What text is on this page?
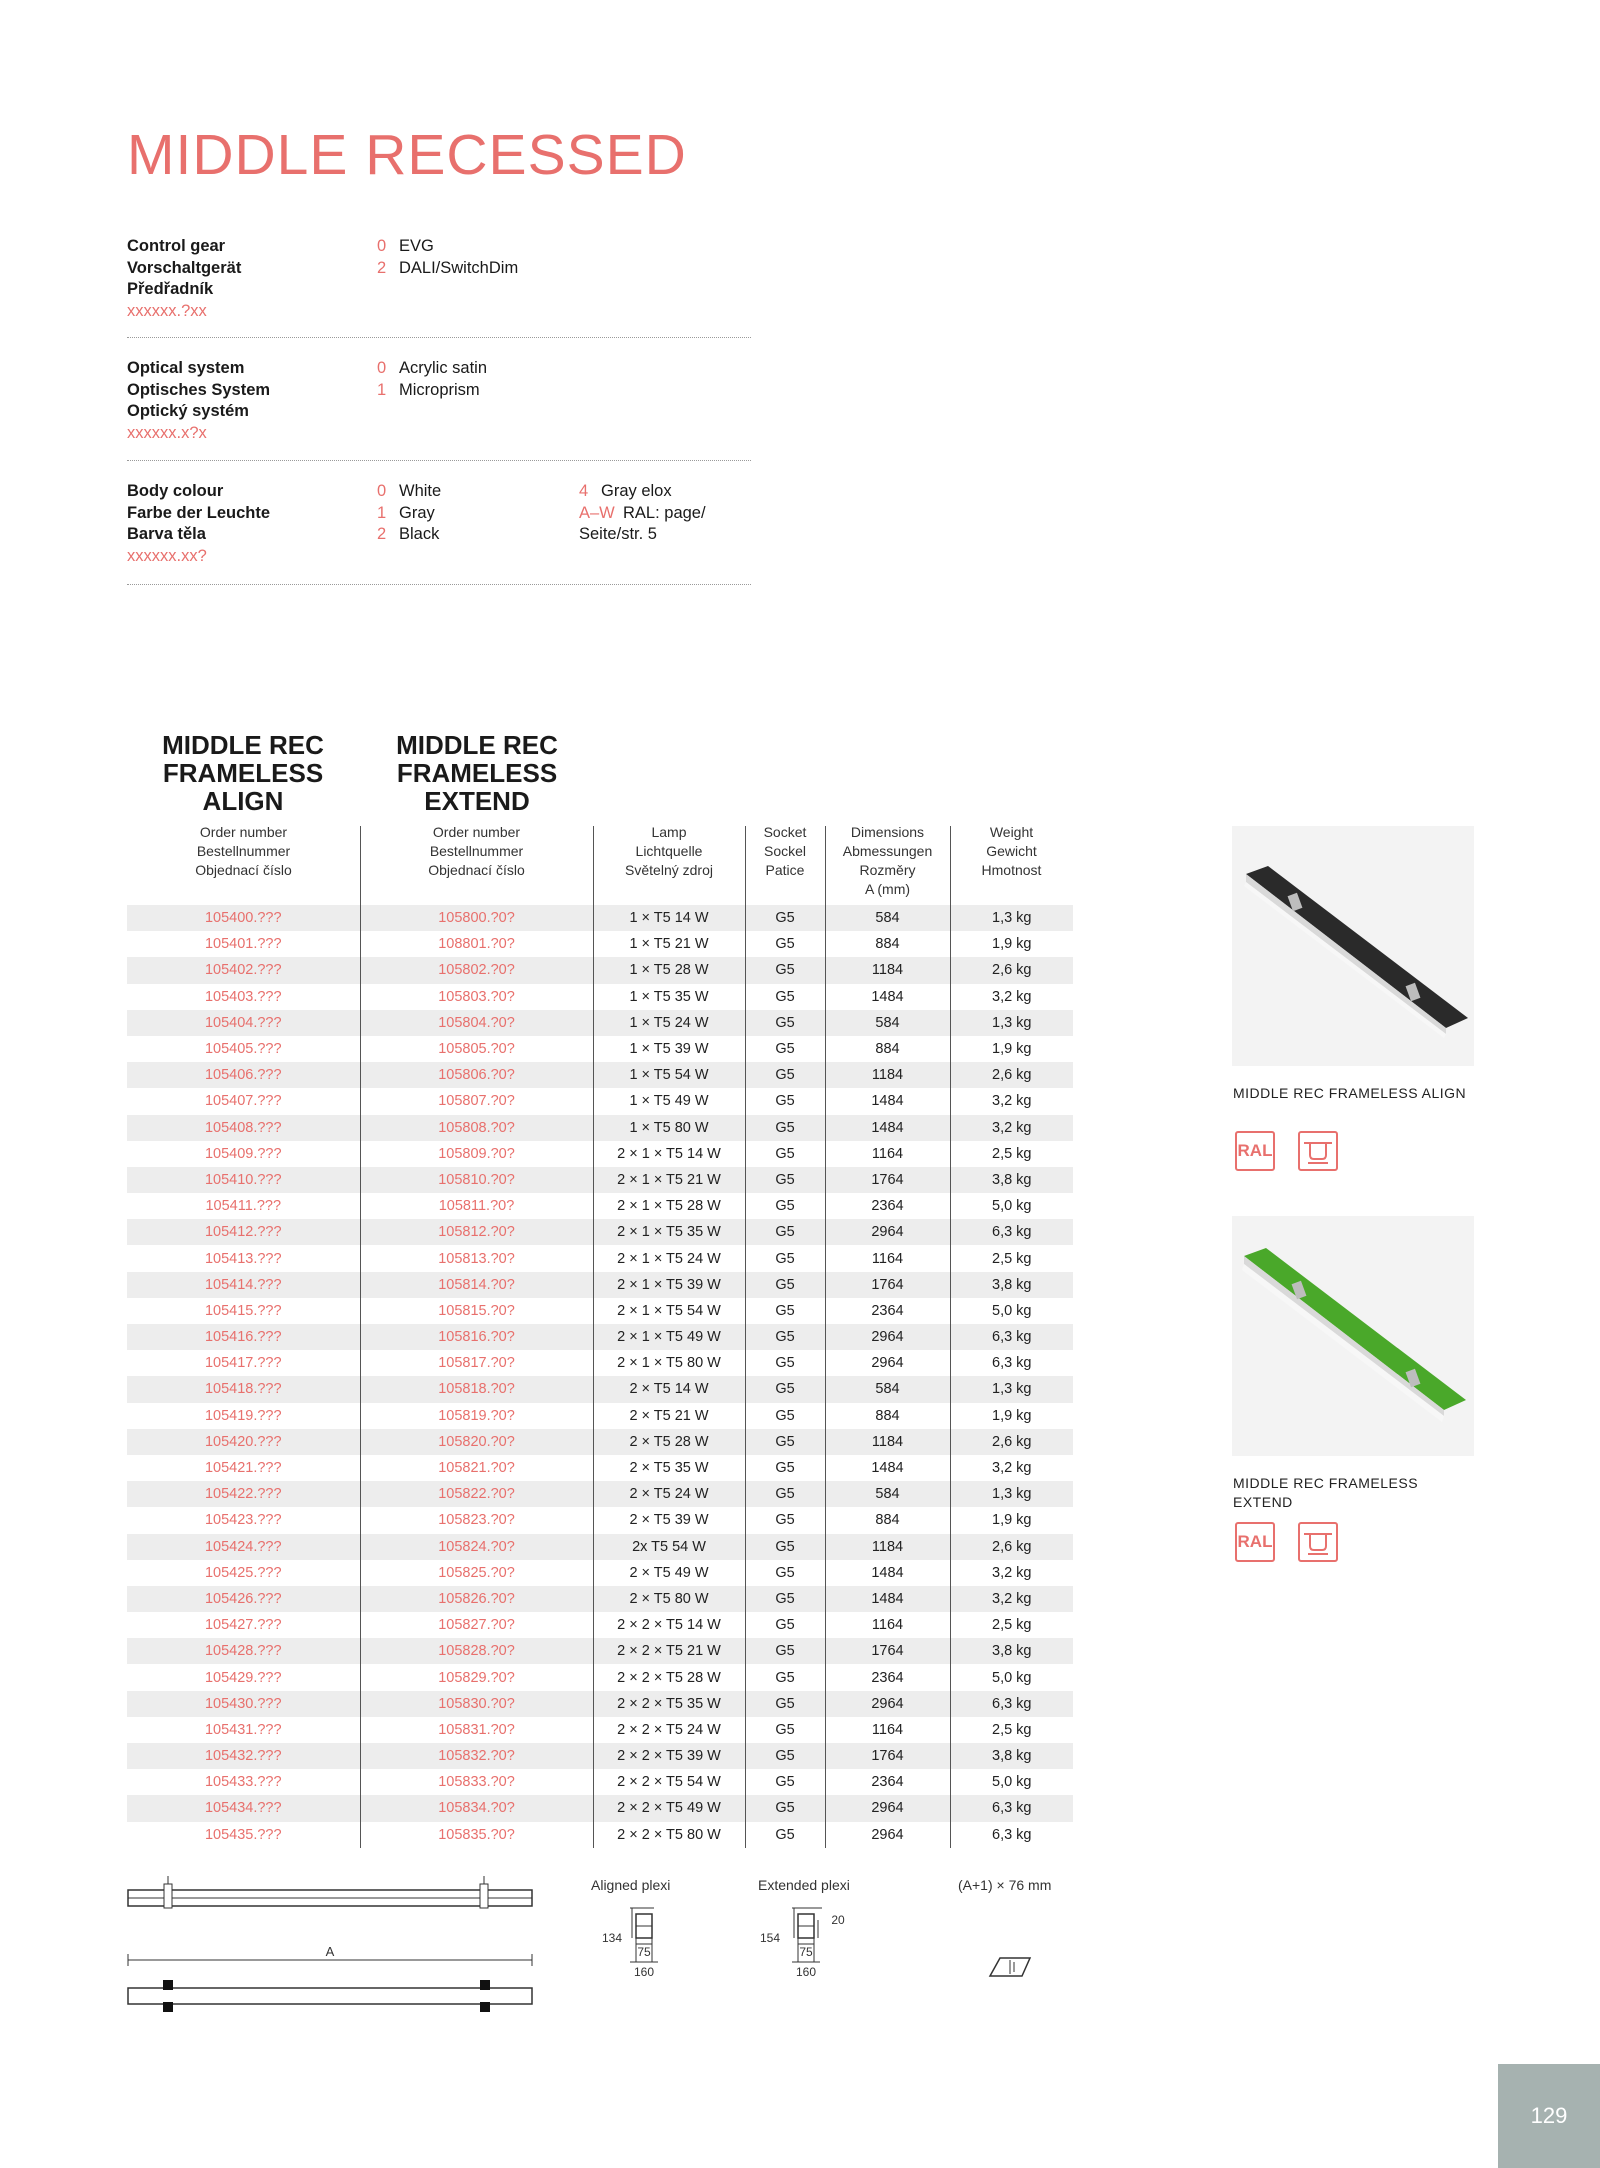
MIDDLE RECESSED
Control gear
Vorschaltgerät
Předřadník
xxxxxx.?xx
0 EVG
2 DALI/SwitchDim
Optical system
Optisches System
Optický systém
xxxxxx.x?x
0 Acrylic satin
1 Microprism
Body colour
Farbe der Leuchte
Barva těla
xxxxxx.xx?
0 White
1 Gray
2 Black
4 Gray elox
A–W RAL: page/
Seite/str. 5
MIDDLE REC
FRAMELESS
ALIGN
MIDDLE REC
FRAMELESS
EXTEND
Order number
Bestellnummer
Objednací číslo
Order number
Bestellnummer
Objednací číslo
Lamp
Lichtquelle
Světelný zdroj
Socket
Sockel
Patice
Dimensions
Abmessungen
Rozměry
A (mm)
Weight
Gewicht
Hmotnost
105400.???	105800.?0?	1 × T5 14 W	G5	584	1,3 kg
105401.???	108801.?0?	1 × T5 21 W	G5	884	1,9 kg
105402.???	105802.?0?	1 × T5 28 W	G5	1184	2,6 kg
105403.???	105803.?0?	1 × T5 35 W	G5	1484	3,2 kg
105404.???	105804.?0?	1 × T5 24 W	G5	584	1,3 kg
105405.???	105805.?0?	1 × T5 39 W	G5	884	1,9 kg
105406.???	105806.?0?	1 × T5 54 W	G5	1184	2,6 kg
105407.???	105807.?0?	1 × T5 49 W	G5	1484	3,2 kg
105408.???	105808.?0?	1 × T5 80 W	G5	1484	3,2 kg
105409.???	105809.?0?	2 × 1 × T5 14 W	G5	1164	2,5 kg
105410.???	105810.?0?	2 × 1 × T5 21 W	G5	1764	3,8 kg
105411.???	105811.?0?	2 × 1 × T5 28 W	G5	2364	5,0 kg
105412.???	105812.?0?	2 × 1 × T5 35 W	G5	2964	6,3 kg
105413.???	105813.?0?	2 × 1 × T5 24 W	G5	1164	2,5 kg
105414.???	105814.?0?	2 × 1 × T5 39 W	G5	1764	3,8 kg
105415.???	105815.?0?	2 × 1 × T5 54 W	G5	2364	5,0 kg
105416.???	105816.?0?	2 × 1 × T5 49 W	G5	2964	6,3 kg
105417.???	105817.?0?	2 × 1 × T5 80 W	G5	2964	6,3 kg
105418.???	105818.?0?	2 × T5 14 W	G5	584	1,3 kg
105419.???	105819.?0?	2 × T5 21 W	G5	884	1,9 kg
105420.???	105820.?0?	2 × T5 28 W	G5	1184	2,6 kg
105421.???	105821.?0?	2 × T5 35 W	G5	1484	3,2 kg
105422.???	105822.?0?	2 × T5 24 W	G5	584	1,3 kg
105423.???	105823.?0?	2 × T5 39 W	G5	884	1,9 kg
105424.???	105824.?0?	2x T5 54 W	G5	1184	2,6 kg
105425.???	105825.?0?	2 × T5 49 W	G5	1484	3,2 kg
105426.???	105826.?0?	2 × T5 80 W	G5	1484	3,2 kg
105427.???	105827.?0?	2 × 2 × T5 14 W	G5	1164	2,5 kg
105428.???	105828.?0?	2 × 2 × T5 21 W	G5	1764	3,8 kg
105429.???	105829.?0?	2 × 2 × T5 28 W	G5	2364	5,0 kg
105430.???	105830.?0?	2 × 2 × T5 35 W	G5	2964	6,3 kg
105431.???	105831.?0?	2 × 2 × T5 24 W	G5	1164	2,5 kg
105432.???	105832.?0?	2 × 2 × T5 39 W	G5	1764	3,8 kg
105433.???	105833.?0?	2 × 2 × T5 54 W	G5	2364	5,0 kg
105434.???	105834.?0?	2 × 2 × T5 49 W	G5	2964	6,3 kg
105435.???	105835.?0?	2 × 2 × T5 80 W	G5	2964	6,3 kg
MIDDLE REC FRAMELESS ALIGN
RAL
MIDDLE REC FRAMELESS EXTEND
RAL
A
Aligned plexi	Extended plexi	(A+1) × 76 mm
134
75
160
154
20
75
160
129
